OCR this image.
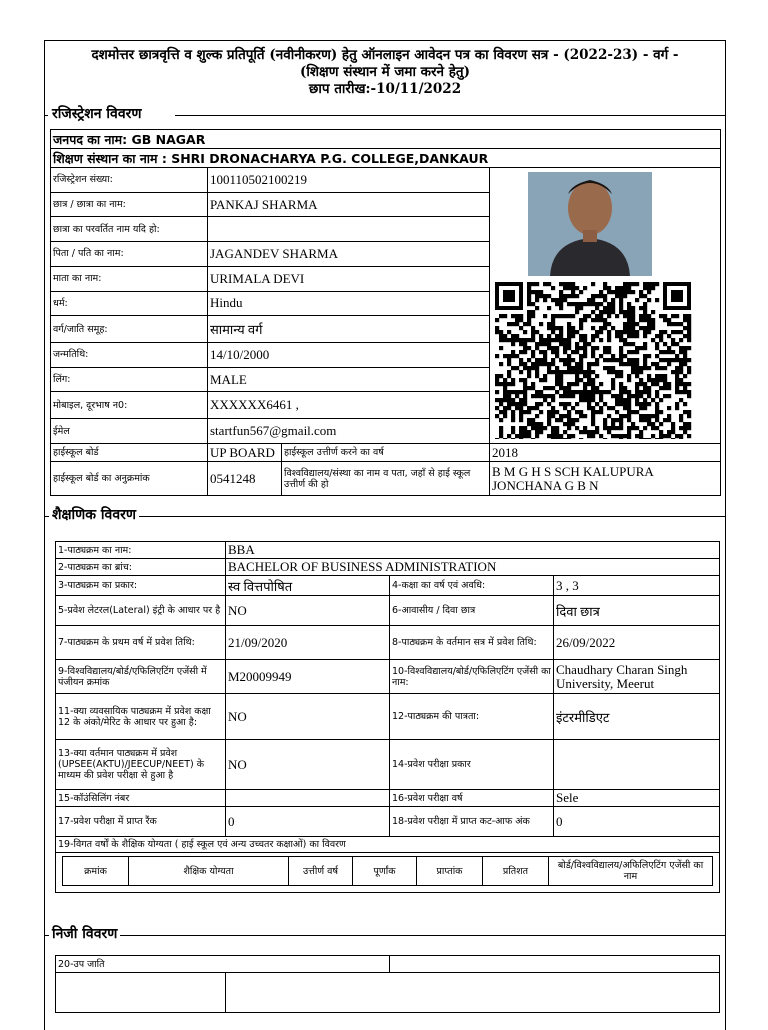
दशमोत्तर छात्रवृत्ति व शुल्क प्रतिपूर्ति (नवीनीकरण) हेतु ऑनलाइन आवेदन पत्र का विवरण सत्र - (2022-23) - वर्ग -
(शिक्षण संस्थान में जमा करने हेतु)
छाप तारीख:-10/11/2022
रजिस्ट्रेशन विवरण
जनपद का नाम: GB NAGAR			
शिक्षण संस्थान का नाम : SHRI DRONACHARYA P.G. COLLEGE,DANKAUR			
रजिस्ट्रेशन संख्या:	100110502100219	
छात्र / छात्रा का नाम:	PANKAJ SHARMA		
छात्रा का परवर्तित नाम यदि हो:			
पिता / पति का नाम:	JAGANDEV SHARMA		
माता का नाम:	URIMALA DEVI		
धर्म:	Hindu		
वर्ग/जाति समूह:	सामान्य वर्ग		
जन्मतिथि:	14/10/2000		
लिंग:	MALE		
मोबाइल, दूरभाष न0:	XXXXXX6461 ,		
ईमेल	startfun567@gmail.com		
हाईस्कूल बोर्ड	UP BOARD	हाईस्कूल उत्तीर्ण करने का वर्ष	2018
हाईस्कूल बोर्ड का अनुक्रमांक	0541248	विश्वविद्यालय/संस्था का नाम व पता, जहाँ से हाई स्कूल उत्तीर्ण की हो	B M G H S SCH KALUPURA JONCHANA G B N
शैक्षणिक विवरण
1-पाठ्यक्रम का नाम:	BBA
2-पाठ्यक्रम का ब्रांच:	BACHELOR OF BUSINESS ADMINISTRATION
3-पाठ्यक्रम का प्रकार:	स्व वित्तपोषित	4-कक्षा का वर्ष एवं अवधि:	3 , 3
5-प्रवेश लेटरल(Lateral) इंट्री के आधार पर है	NO	6-आवासीय / दिवा छात्र	दिवा छात्र
7-पाठ्यक्रम के प्रथम वर्ष में प्रवेश तिथि:	21/09/2020	8-पाठ्यक्रम के वर्तमान सत्र में प्रवेश तिथि:	26/09/2022
9-विश्वविद्यालय/बोर्ड/एफिलिएटिंग एजेंसी में पंजीयन क्रमांक	M20009949	10-विश्वविद्यालय/बोर्ड/एफिलिएटिंग एजेंसी का नाम:	Chaudhary Charan Singh University, Meerut
11-क्या व्यवसायिक पाठ्यक्रम में प्रवेश कक्षा 12 के अंको/मेरिट के आधार पर हुआ है:	NO	12-पाठ्यक्रम की पात्रता:	इंटरमीडिएट
13-क्या वर्तमान पाठ्यक्रम में प्रवेश (UPSEE(AKTU)/JEECUP/NEET) के माध्यम की प्रवेश परीक्षा से हुआ है	NO	14-प्रवेश परीक्षा प्रकार	
15-कॉउंसिलिंग नंबर		16-प्रवेश परीक्षा वर्ष	Sele
17-प्रवेश परीक्षा में प्राप्त रैंक	0	18-प्रवेश परीक्षा में प्राप्त कट-आफ अंक	0
19-विगत वर्षों के शैक्षिक योग्यता ( हाई स्कूल एवं अन्य उच्चतर कक्षाओं) का विवरण

क्रमांक	शैक्षिक योग्यता	उत्तीर्ण वर्ष	पूर्णांक	प्राप्तांक	प्रतिशत	बोर्ड/विश्वविद्यालय/अफिलिएटिंग एजेंसी का नाम
निजी विवरण
20-उप जाति		
